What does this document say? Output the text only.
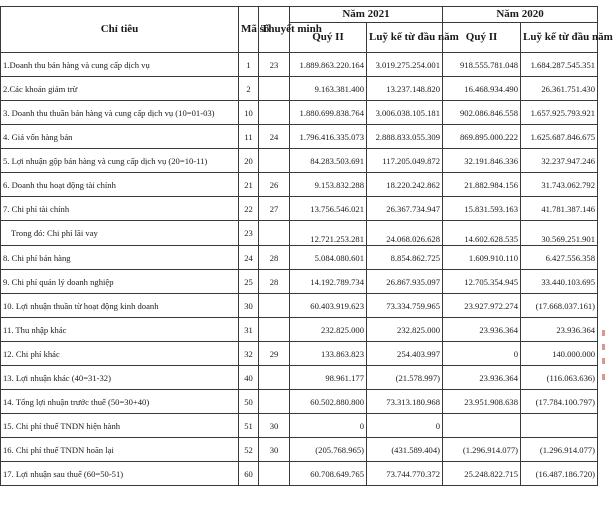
Chỉ tiêu	Mã số	Thuyết minh	Năm 2021		Năm 2020	
			Quý II	Luỹ kế từ đầu năm	Quý II	Luỹ kế từ đầu năm
1.Doanh thu bán hàng và cung cấp dịch vụ	1	23	1.889.863.220.164	3.019.275.254.001	918.555.781.048	1.684.287.545.351
2.Các khoản giảm trừ	2		9.163.381.400	13.237.148.820	16.468.934.490	26.361.751.430
3. Doanh thu thuần bán hàng và cung cấp dịch vụ (10=01-03)	10		1.880.699.838.764	3.006.038.105.181	902.086.846.558	1.657.925.793.921
4. Giá vốn hàng bán	11	24	1.796.416.335.073	2.888.833.055.309	869.895.000.222	1.625.687.846.675
5. Lợi nhuận gộp bán hàng và cung cấp dịch vụ (20=10-11)	20		84.283.503.691	117.205.049.872	32.191.846.336	32.237.947.246
6. Doanh thu hoạt động tài chính	21	26	9.153.832.288	18.220.242.862	21.882.984.156	31.743.062.792
7. Chi phí tài chính	22	27	13.756.546.021	26.367.734.947	15.831.593.163	41.781.387.146
Trong đó: Chi phí lãi vay	23		12.721.253.281	24.068.026.628	14.602.628.535	30.569.251.901
8. Chi phí bán hàng	24	28	5.084.080.601	8.854.862.725	1.609.910.110	6.427.556.358
9. Chi phí quản lý doanh nghiệp	25	28	14.192.789.734	26.867.935.097	12.705.354.945	33.440.103.695
10. Lợi nhuận thuần từ hoạt động kinh doanh	30		60.403.919.623	73.334.759.965	23.927.972.274	(17.668.037.161)
11. Thu nhập khác	31		232.825.000	232.825.000	23.936.364	23.936.364
12. Chi phí khác	32	29	133.863.823	254.403.997	0	140.000.000
13. Lợi nhuận khác (40=31-32)	40		98.961.177	(21.578.997)	23.936.364	(116.063.636)
14. Tổng lợi nhuận trước thuế (50=30+40)	50		60.502.880.800	73.313.180.968	23.951.908.638	(17.784.100.797)
15. Chi phí thuế TNDN hiện hành	51	30	0	0		
16. Chi phí thuế TNDN hoãn lại	52	30	(205.768.965)	(431.589.404)	(1.296.914.077)	(1.296.914.077)
17. Lợi nhuận sau thuế (60=50-51)	60		60.708.649.765	73.744.770.372	25.248.822.715	(16.487.186.720)
